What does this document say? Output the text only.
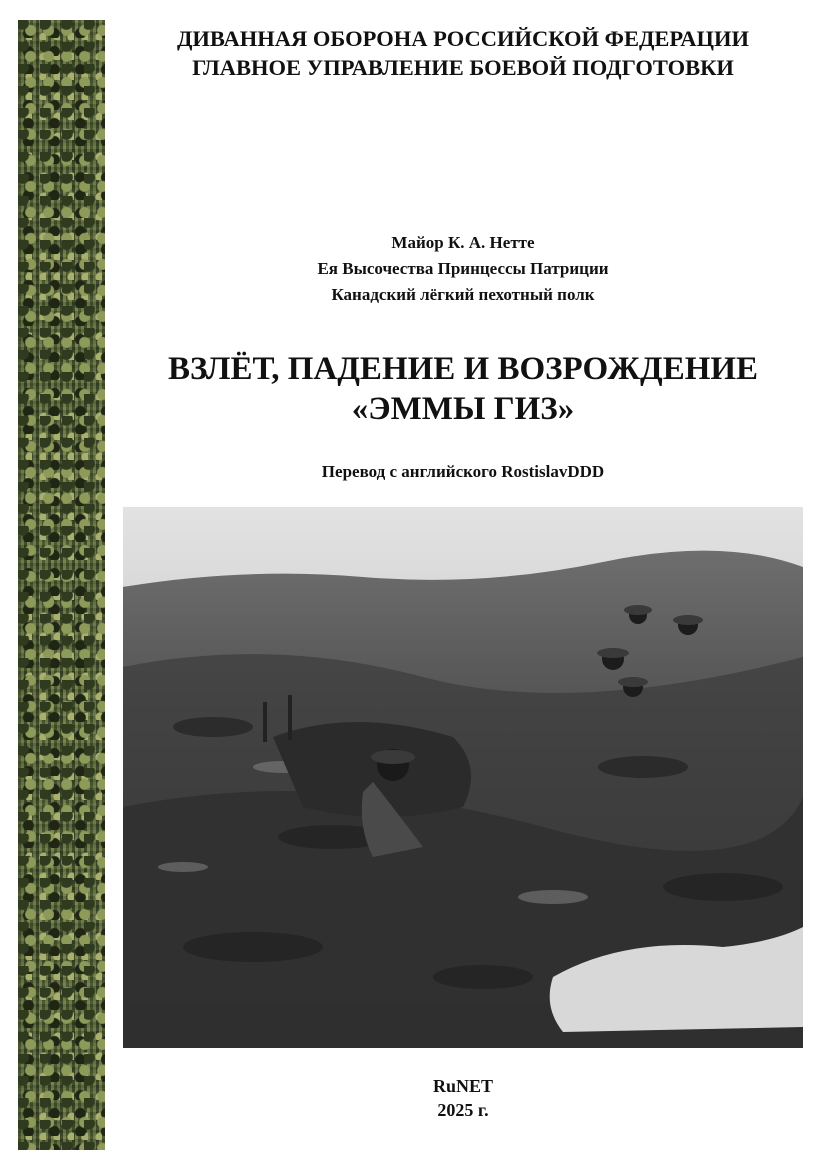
ДИВАННАЯ ОБОРОНА РОССИЙСКОЙ ФЕДЕРАЦИИ
ГЛАВНОЕ УПРАВЛЕНИЕ БОЕВОЙ ПОДГОТОВКИ
Майор К. А. Нетте
Ея Высочества Принцессы Патриции
Канадский лёгкий пехотный полк
ВЗЛЁТ, ПАДЕНИЕ И ВОЗРОЖДЕНИЕ
«ЭММЫ ГИЗ»
Перевод с английского RostislavDDD
RuNET
2025 г.
